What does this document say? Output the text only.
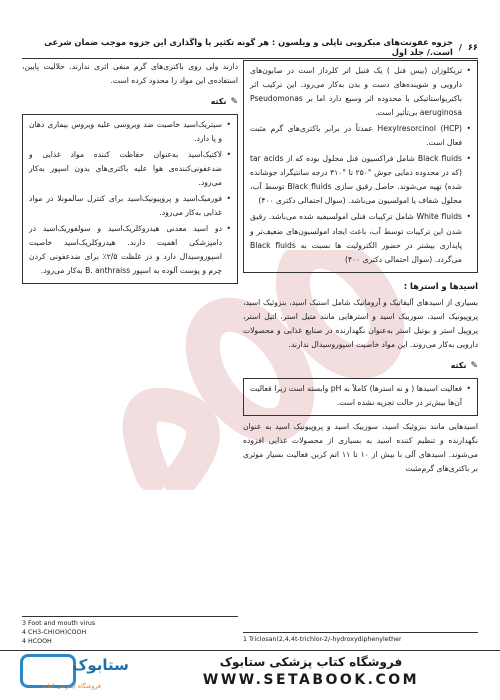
۶۶
/
جزوه عفونت‌های میکروبی تاپلی و ویلسون : هر گونه تکثیر یا واگذاری این جزوه موجب ضمان شرعی است./ جلد اول
• تریکلوزان (بیس فنل ) یک فنیل اتر کلرداز است در صابون‌های دارویی و شوینده‌های دست و بدن به‌کار می‌رود. این ترکیب اثر باکتریواستاتیکی با محدوده اثر وسیع دارد اما بر Pseudomonas aeruginosa بی‌تأثیر است.
• (HCP) Hexylresorcinol عمدتاً در برابر باکتری‌های گرم مثبت فعال است.
• Black fluids شامل فراکسیون فنل محلول بوده که از tar acids (که در محدوده دمایی جوش °۲۵۰ تا °۳۱۰ درجه سانتیگراد جوشانده شده) تهیه می‌شوند. حاصل رقیق سازی Black fluids توسط آب، محلول شفاف یا امولسیون می‌باشد. (سوال احتمالی دکتری ۴۰۰)
• White fluids شامل ترکیبات فنلی امولسیفیه شده می‌باشد. رقیق شدن این ترکیبات توسط آب، باعث ایجاد امولسیون‌های ضعیف‌تر و پایداری بیشتر در حضور الکترولیت ها نسبت به Black fluids می‌گردد. (سوال احتمالی دکتری ۴۰۰)
اسیدها و استرها :

بسیاری از اسیدهای آلیفاتیک و آروماتیک شامل استیک اسید، بنزوئیک اسید، پروپیونیک اسید، سوربیک اسید و استرهایی مانند متیل استر، اتیل استر، پروپیل استر و بوتیل استر به‌عنوان نگهدارنده در صنایع غذایی و محصولات دارویی به‌کار می‌روند. این مواد خاصیت اسپوروسیدال ندارند.

✎
نکته
• فعالیت اسیدها ( و نه استرها) کاملاً به pH وابسته است زیرا فعالیت آن‌ها بیش‌تر در حالت تجزیه نشده است.

اسیدهایی مانند بنزوئیک اسید، سوربیک اسید و پروپیونیک اسید به عنوان نگهدارنده و تنظیم کننده اسید به بسیاری از محصولات غذایی افزوده می‌شوند. اسیدهای آلی با بیش از ۱۰ تا ۱۱ اتم کربن فعالیت بسیار موثری بر باکتری‌های گرم‌مثبت

دارند ولی روی باکتری‌های گرم منفی اثری ندارند. حلالیت پایین، استفاده‌ی این مواد را محدود کرده است.

✎
نکته
• سیتریک‌اسید خاصیت ضد ویروسی علیه ویروس بیماری دهان و پا دارد.
• لاکتیک‌اسید به‌عنوان حفاظت کننده مواد غذایی و ضدعفونی‌کننده‌ی هوا علیه باکتری‌های بدون اسپور به‌کار می‌رود.
• فورمیک‌اسید و پروپیونیک‌اسید برای کنترل سالمونلا در مواد غذایی به‌کار می‌رود.
• دو اسید معدنی هیدروکلریک‌اسید و سولفوریک‌اسید در دامپزشکی اهمیت دارند. هیدروکلریک‌اسید خاصیت اسپوروسیدال دارد و در غلظت ۲/۵٪ برای ضدعفونی کردن چرم و پوست آلوده به اسپور B. anthraiss به‌کار می‌رود.
3 Foot and mouth virus
4 CH3-CH(OH)COOH
4 HCOOH	1 Triclosan(2,4,4t-trichlor-2/-hydroxydiphenylether
فروشگاه کتاب پزشکی ستابوک
WWW.SETABOOK.COM
ستابوک
فروشگاه اینترنتی کتاب
